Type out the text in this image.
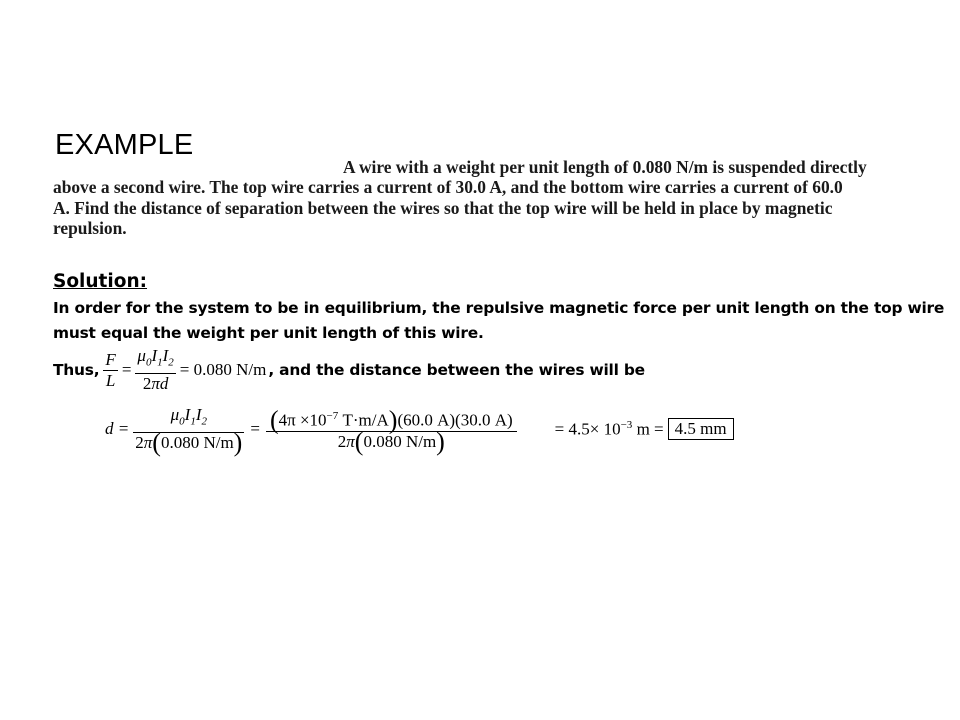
EXAMPLE
A wire with a weight per unit length of 0.080 N/m is suspended directly
above a second wire. The top wire carries a current of 30.0 A, and the bottom wire carries a current of 60.0
A. Find the distance of separation between the wires so that the top wire will be held in place by magnetic
repulsion.
Solution:
In order for the system to be in equilibrium, the repulsive magnetic force per unit length on the top wire
must equal the weight per unit length of this wire.
Thus, $\frac{F}{L} = \frac{\mu_0I_1I_2}{2\pi d} = 0.080$ N/m , and the distance between the wires will be
$d = \frac{\mu_0I_1I_2}{2\pi(0.080 N/m)} = \frac{(4\pi \times 10^{-7} T\cdot m/A)(60.0 A)(30.0 A)}{2\pi(0.080 N/m)} = 4.5\times 10^{-3}$ m = 4.5 mm
